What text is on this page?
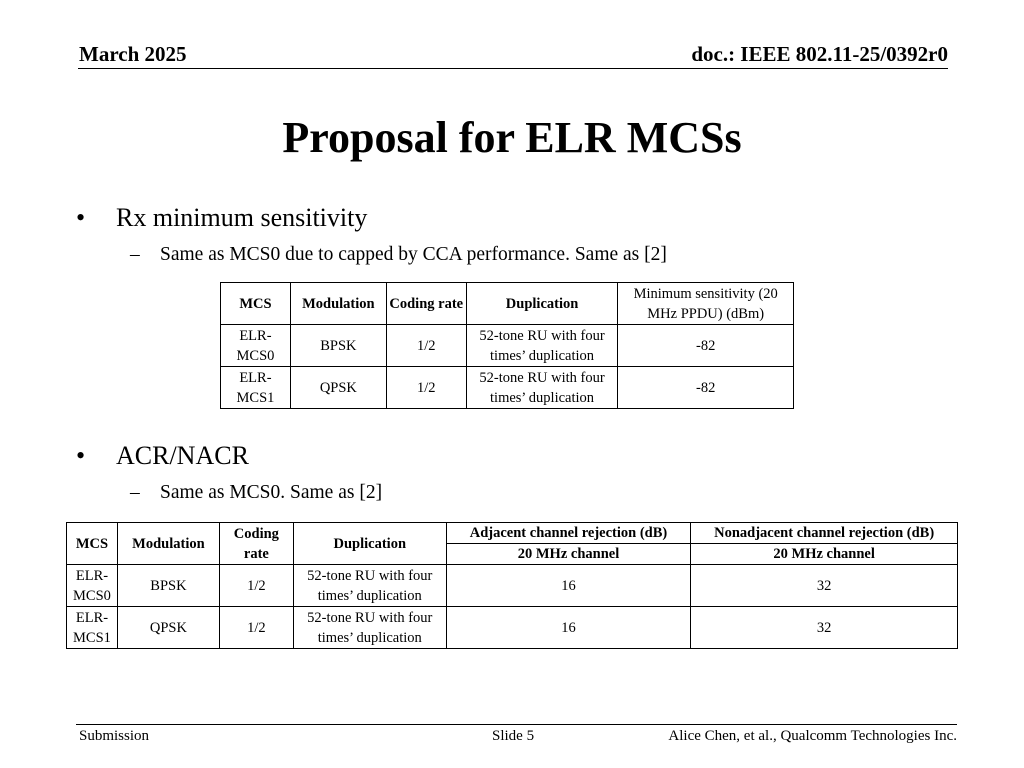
March 2025	doc.: IEEE 802.11-25/0392r0
Proposal for ELR MCSs
• Rx minimum sensitivity
– Same as MCS0 due to capped by CCA performance. Same as [2]
MCS	Modulation	Coding rate	Duplication	Minimum sensitivity (20 MHz PPDU) (dBm)
ELR-MCS0	BPSK	1/2	52-tone RU with four times’ duplication	-82
ELR-MCS1	QPSK	1/2	52-tone RU with four times’ duplication	-82
• ACR/NACR
– Same as MCS0. Same as [2]
MCS	Modulation	Coding rate	Duplication	Adjacent channel rejection (dB)	Nonadjacent channel rejection (dB)
				20 MHz channel	20 MHz channel
ELR-MCS0	BPSK	1/2	52-tone RU with four times’ duplication	16	32
ELR-MCS1	QPSK	1/2	52-tone RU with four times’ duplication	16	32
Submission	Slide 5	Alice Chen, et al., Qualcomm Technologies Inc.
